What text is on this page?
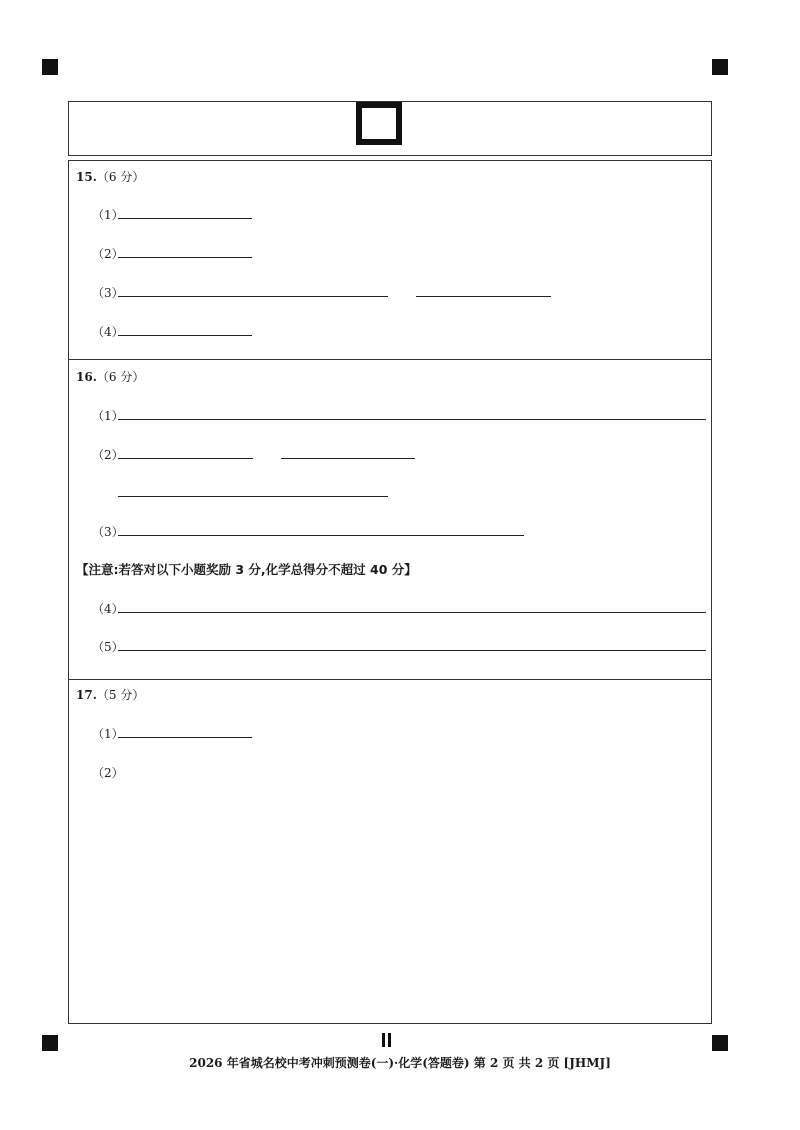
15.（6 分）
（1）
（2）
（3）
（4）
16.（6 分）
（1）
（2）
（3）
【注意:若答对以下小题奖励 3 分,化学总得分不超过 40 分】
（4）
（5）
17.（5 分）
（1）
（2）
2026 年省城名校中考冲刺预测卷(一)·化学(答题卷) 第 2 页 共 2 页 [JHMJ]
